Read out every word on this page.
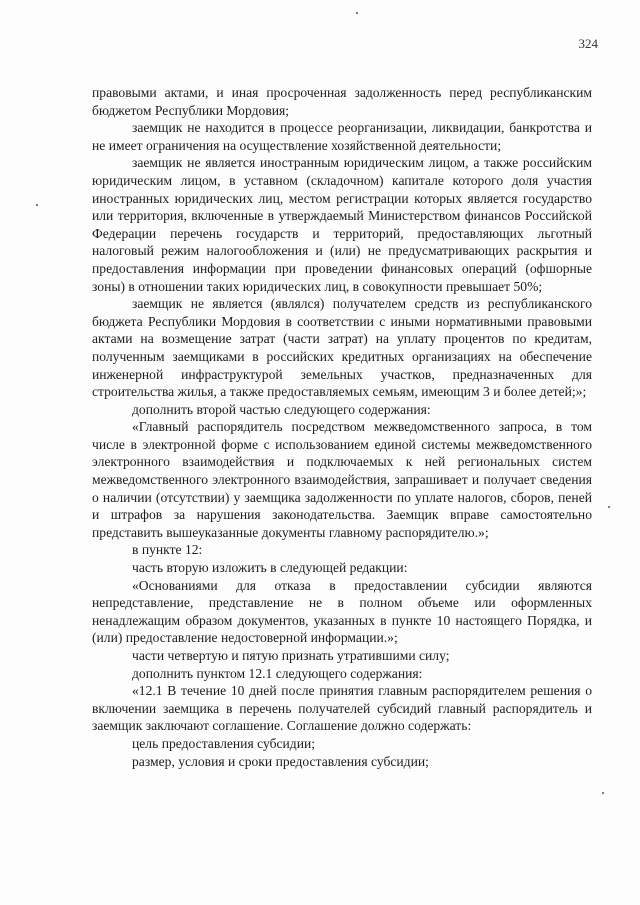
324

правовыми актами, и иная просроченная задолженность перед республиканским бюджетом Республики Мордовия;

заемщик не находится в процессе реорганизации, ликвидации, банкротства и не имеет ограничения на осуществление хозяйственной деятельности;

заемщик не является иностранным юридическим лицом, а также российским юридическим лицом, в уставном (складочном) капитале которого доля участия иностранных юридических лиц, местом регистрации которых является государство или территория, включенные в утверждаемый Министерством финансов Российской Федерации перечень государств и территорий, предоставляющих льготный налоговый режим налогообложения и (или) не предусматривающих раскрытия и предоставления информации при проведении финансовых операций (офшорные зоны) в отношении таких юридических лиц, в совокупности превышает 50%;

заемщик не является (являлся) получателем средств из республиканского бюджета Республики Мордовия в соответствии с иными нормативными правовыми актами на возмещение затрат (части затрат) на уплату процентов по кредитам, полученным заемщиками в российских кредитных организациях на обеспечение инженерной инфраструктурой земельных участков, предназначенных для строительства жилья, а также предоставляемых семьям, имеющим 3 и более детей;»;

дополнить второй частью следующего содержания:

«Главный распорядитель посредством межведомственного запроса, в том числе в электронной форме с использованием единой системы межведомственного электронного взаимодействия и подключаемых к ней региональных систем межведомственного электронного взаимодействия, запрашивает и получает сведения о наличии (отсутствии) у заемщика задолженности по уплате налогов, сборов, пеней и штрафов за нарушения законодательства. Заемщик вправе самостоятельно представить вышеуказанные документы главному распорядителю.»;

в пункте 12:

часть вторую изложить в следующей редакции:

«Основаниями для отказа в предоставлении субсидии являются непредставление, представление не в полном объеме или оформленных ненадлежащим образом документов, указанных в пункте 10 настоящего Порядка, и (или) предоставление недостоверной информации.»;

части четвертую и пятую признать утратившими силу;

дополнить пунктом 12.1 следующего содержания:

«12.1 В течение 10 дней после принятия главным распорядителем решения о включении заемщика в перечень получателей субсидий главный распорядитель и заемщик заключают соглашение. Соглашение должно содержать:

цель предоставления субсидии;

размер, условия и сроки предоставления субсидии;
